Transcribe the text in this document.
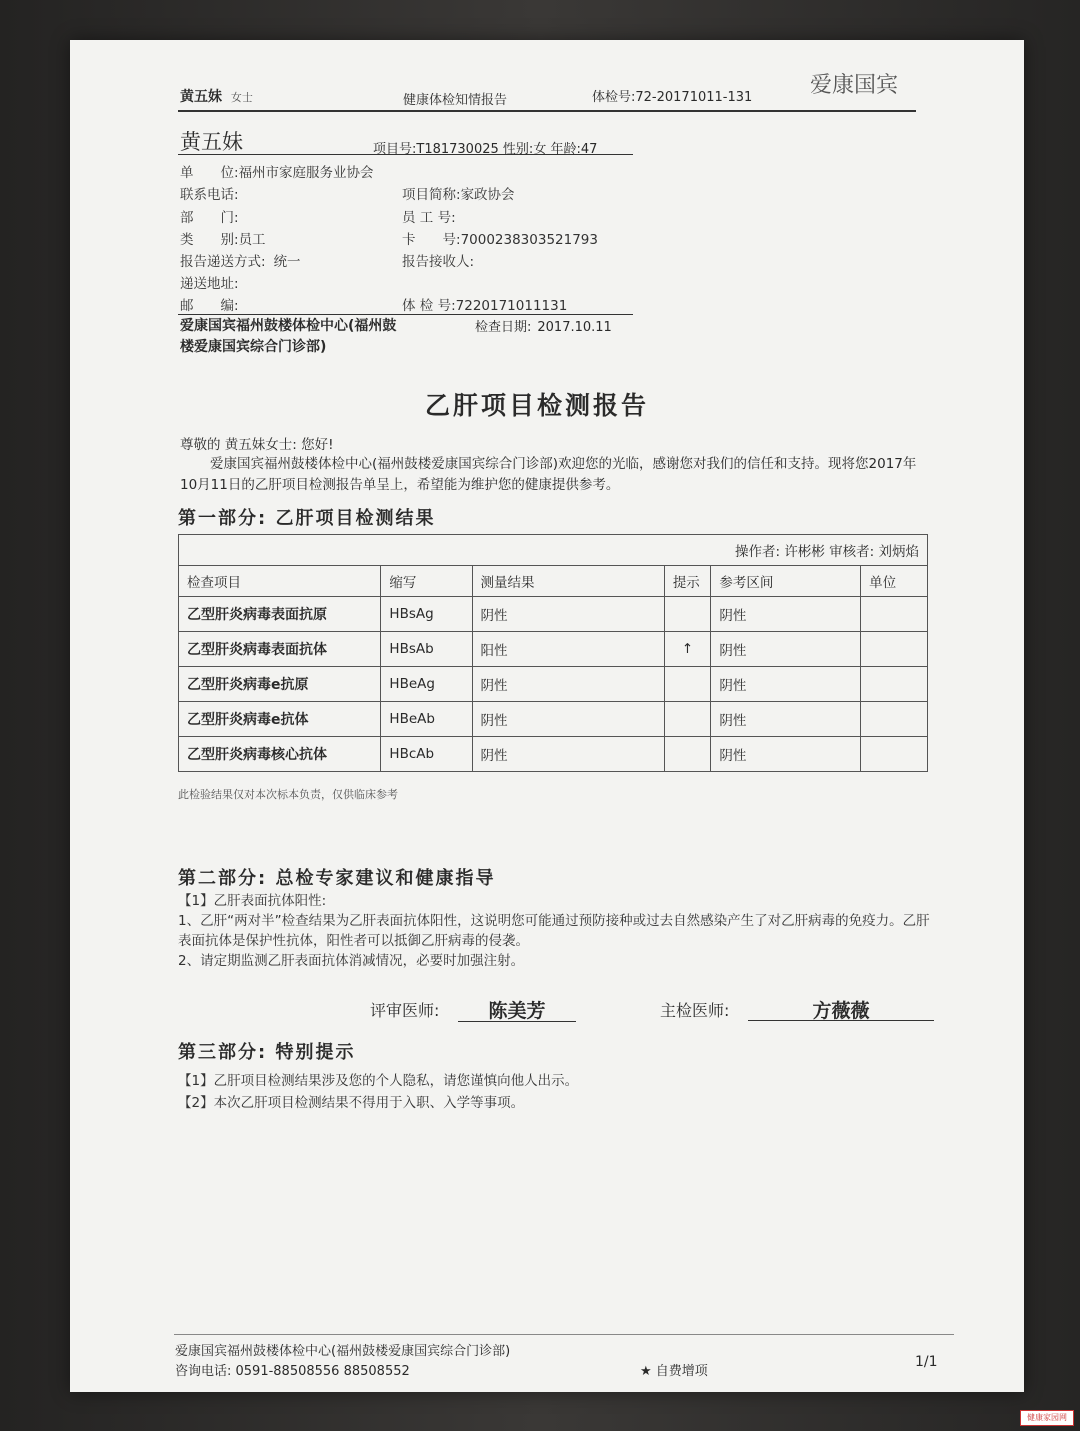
黄五妹 女士	健康体检知情报告	体检号:72-20171011-131	爱康国宾
黄五妹	项目号:T181730025 性别:女 年龄:47
单　　位:福州市家庭服务业协会
联系电话:	项目简称:家政协会
部　　门:	员 工 号:
类　　别:员工	卡　　号:7000238303521793
报告递送方式: 统一	报告接收人:
递送地址:
邮　　编:	体 检 号:7220171011131
爱康国宾福州鼓楼体检中心(福州鼓楼爱康国宾综合门诊部)
检查日期: 2017.10.11
乙肝项目检测报告
尊敬的 黄五妹女士: 您好!
爱康国宾福州鼓楼体检中心(福州鼓楼爱康国宾综合门诊部)欢迎您的光临，感谢您对我们的信任和支持。现将您2017年10月11日的乙肝项目检测报告单呈上，希望能为维护您的健康提供参考。
第一部分: 乙肝项目检测结果
操作者: 许彬彬 审核者: 刘炳焰					
检查项目	缩写	测量结果	提示	参考区间	单位
乙型肝炎病毒表面抗原	HBsAg	阴性		阴性	
乙型肝炎病毒表面抗体	HBsAb	阳性	↑	阴性	
乙型肝炎病毒e抗原	HBeAg	阴性		阴性	
乙型肝炎病毒e抗体	HBeAb	阴性		阴性	
乙型肝炎病毒核心抗体	HBcAb	阴性		阴性	
此检验结果仅对本次标本负责，仅供临床参考
第二部分: 总检专家建议和健康指导
【1】乙肝表面抗体阳性:
1、乙肝“两对半”检查结果为乙肝表面抗体阳性，这说明您可能通过预防接种或过去自然感染产生了对乙肝病毒的免疫力。乙肝表面抗体是保护性抗体，阳性者可以抵御乙肝病毒的侵袭。
2、请定期监测乙肝表面抗体消减情况，必要时加强注射。
评审医师:	陈美芳	主检医师:	方薇薇
第三部分: 特别提示
【1】乙肝项目检测结果涉及您的个人隐私，请您谨慎向他人出示。
【2】本次乙肝项目检测结果不得用于入职、入学等事项。
爱康国宾福州鼓楼体检中心(福州鼓楼爱康国宾综合门诊部)
咨询电话: 0591-88508556 88508552	★ 自费增项
1/1
健康家园网
